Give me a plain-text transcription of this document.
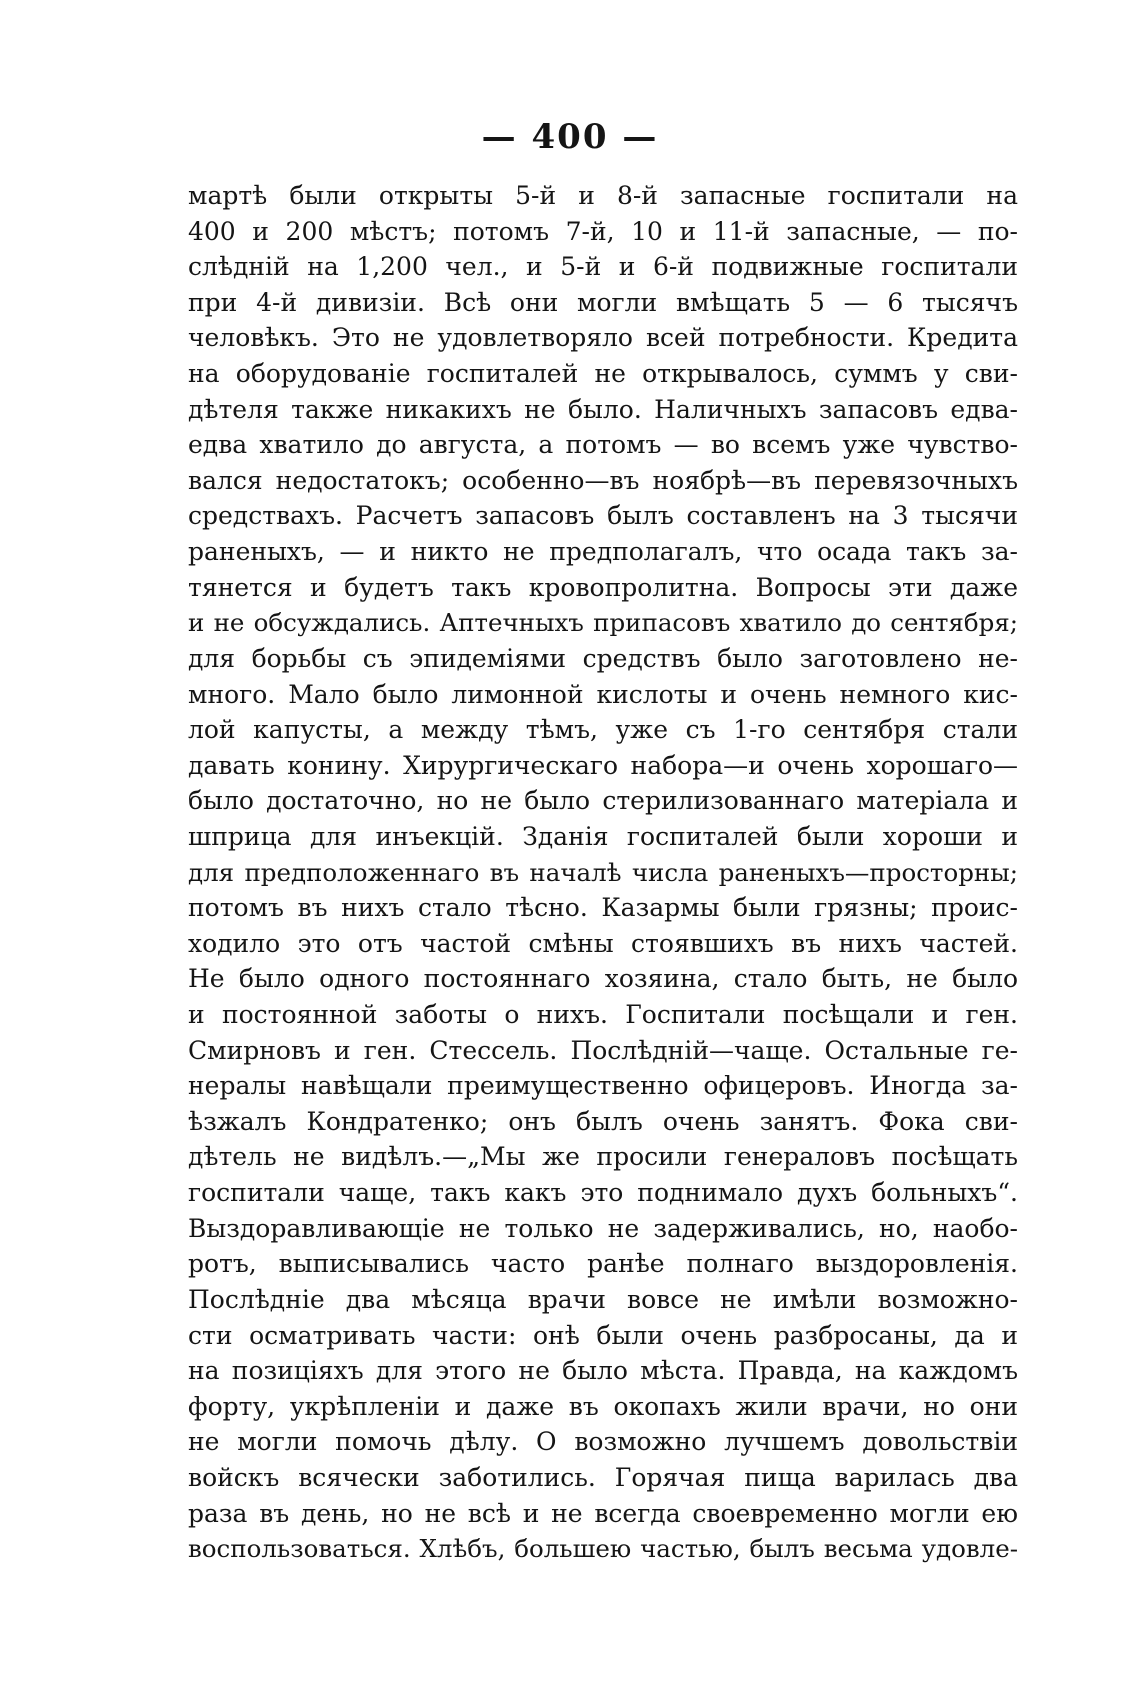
— 400 —
мартѣ были открыты 5-й и 8-й запасные госпитали на
400 и 200 мѣстъ; потомъ 7-й, 10 и 11-й запасные, — по-
слѣдній на 1,200 чел., и 5-й и 6-й подвижные госпитали
при 4-й дивизіи. Всѣ они могли вмѣщать 5 — 6 тысячъ
человѣкъ. Это не удовлетворяло всей потребности. Кредита
на оборудованіе госпиталей не открывалось, суммъ у сви-
дѣтеля также никакихъ не было. Наличныхъ запасовъ едва-
едва хватило до августа, а потомъ — во всемъ уже чувство-
вался недостатокъ; особенно—въ ноябрѣ—въ перевязочныхъ
средствахъ. Расчетъ запасовъ былъ составленъ на 3 тысячи
раненыхъ, — и никто не предполагалъ, что осада такъ за-
тянется и будетъ такъ кровопролитна. Вопросы эти даже
и не обсуждались. Аптечныхъ припасовъ хватило до сентября;
для борьбы съ эпидеміями средствъ было заготовлено не-
много. Мало было лимонной кислоты и очень немного кис-
лой капусты, а между тѣмъ, уже съ 1-го сентября стали
давать конину. Хирургическаго набора—и очень хорошаго—
было достаточно, но не было стерилизованнаго матеріала и
шприца для инъекцій. Зданія госпиталей были хороши и
для предположеннаго въ началѣ числа раненыхъ—просторны;
потомъ въ нихъ стало тѣсно. Казармы были грязны; проис-
ходило это отъ частой смѣны стоявшихъ въ нихъ частей.
Не было одного постояннаго хозяина, стало быть, не было
и постоянной заботы о нихъ. Госпитали посѣщали и ген.
Смирновъ и ген. Стессель. Послѣдній—чаще. Остальные ге-
нералы навѣщали преимущественно офицеровъ. Иногда за-
ѣзжалъ Кондратенко; онъ былъ очень занятъ. Фока сви-
дѣтель не видѣлъ.—„Мы же просили генераловъ посѣщать
госпитали чаще, такъ какъ это поднимало духъ больныхъ“.
Выздоравливающіе не только не задерживались, но, наобо-
ротъ, выписывались часто ранѣе полнаго выздоровленія.
Послѣдніе два мѣсяца врачи вовсе не имѣли возможно-
сти осматривать части: онѣ были очень разбросаны, да и
на позиціяхъ для этого не было мѣста. Правда, на каждомъ
форту, укрѣпленіи и даже въ окопахъ жили врачи, но они
не могли помочь дѣлу. О возможно лучшемъ довольствіи
войскъ всячески заботились. Горячая пища варилась два
раза въ день, но не всѣ и не всегда своевременно могли ею
воспользоваться. Хлѣбъ, большею частью, былъ весьма удовле-
